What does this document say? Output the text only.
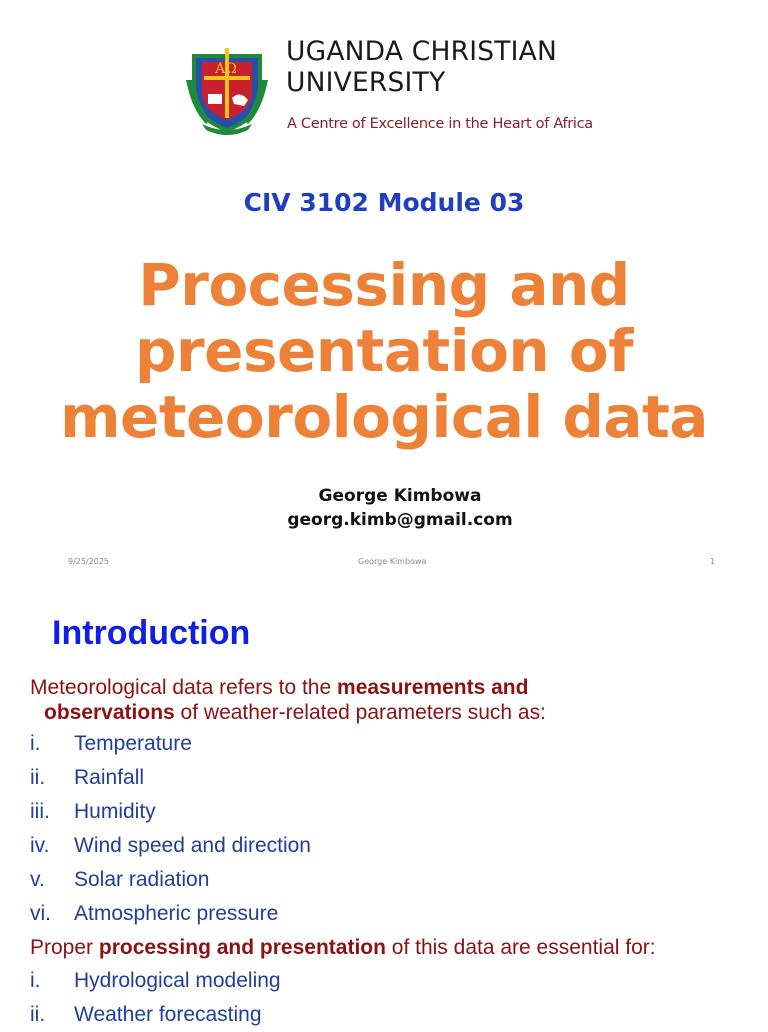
AΩ
UGANDA CHRISTIAN
UNIVERSITY
A Centre of Excellence in the Heart of Africa
CIV 3102 Module 03
Processing and
presentation of
meteorological data
George Kimbowa
georg.kimb@gmail.com
9/25/2025	George Kimbowa	1
Introduction
Meteorological data refers to the measurements and
observations of weather-related parameters such as:
i. Temperature
ii. Rainfall
iii. Humidity
iv. Wind speed and direction
v. Solar radiation
vi. Atmospheric pressure
Proper processing and presentation of this data are essential for:
i. Hydrological modeling
ii. Weather forecasting
